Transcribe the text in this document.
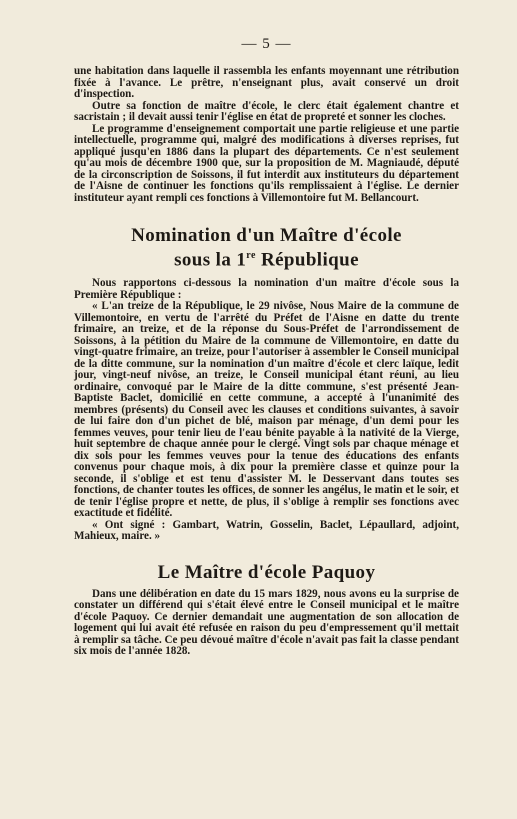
— 5 —

une habitation dans laquelle il rassembla les enfants moyennant une rétribution fixée à l'avance. Le prêtre, n'enseignant plus, avait conservé un droit d'inspection.

Outre sa fonction de maître d'école, le clerc était également chantre et sacristain ; il devait aussi tenir l'église en état de propreté et sonner les cloches.

Le programme d'enseignement comportait une partie religieuse et une partie intellectuelle, programme qui, malgré des modifications à diverses reprises, fut appliqué jusqu'en 1886 dans la plupart des départements. Ce n'est seulement qu'au mois de décembre 1900 que, sur la proposition de M. Magniaudé, député de la circonscription de Soissons, il fut interdit aux instituteurs du département de l'Aisne de continuer les fonctions qu'ils remplissaient à l'église. Le dernier instituteur ayant rempli ces fonctions à Villemontoire fut M. Bellancourt.

Nomination d'un Maître d'école
sous la 1re République

Nous rapportons ci-dessous la nomination d'un maître d'école sous la Première République :

« L'an treize de la République, le 29 nivôse, Nous Maire de la commune de Villemontoire, en vertu de l'arrêté du Préfet de l'Aisne en datte du trente frimaire, an treize, et de la réponse du Sous-Préfet de l'arrondissement de Soissons, à la pétition du Maire de la commune de Villemontoire, en datte du vingt-quatre frimaire, an treize, pour l'autoriser à assembler le Conseil municipal de la ditte commune, sur la nomination d'un maître d'école et clerc laïque, ledit jour, vingt-neuf nivôse, an treize, le Conseil municipal étant réuni, au lieu ordinaire, convoqué par le Maire de la ditte commune, s'est présenté Jean-Baptiste Baclet, domicilié en cette commune, a accepté à l'unanimité des membres (présents) du Conseil avec les clauses et conditions suivantes, à savoir de lui faire don d'un pichet de blé, maison par ménage, d'un demi pour les femmes veuves, pour tenir lieu de l'eau bénite payable à la nativité de la Vierge, huit septembre de chaque année pour le clergé. Vingt sols par chaque ménage et dix sols pour les femmes veuves pour la tenue des éducations des enfants convenus pour chaque mois, à dix pour la première classe et quinze pour la seconde, il s'oblige et est tenu d'assister M. le Desservant dans toutes ses fonctions, de chanter toutes les offices, de sonner les angélus, le matin et le soir, et de tenir l'église propre et nette, de plus, il s'oblige à remplir ses fonctions avec exactitude et fidélité.

« Ont signé : Gambart, Watrin, Gosselin, Baclet, Lépaullard, adjoint, Mahieux, maire. »

Le Maître d'école Paquoy

Dans une délibération en date du 15 mars 1829, nous avons eu la surprise de constater un différend qui s'était élevé entre le Conseil municipal et le maître d'école Paquoy. Ce dernier demandait une augmentation de son allocation de logement qui lui avait été refusée en raison du peu d'empressement qu'il mettait à remplir sa tâche. Ce peu dévoué maître d'école n'avait pas fait la classe pendant six mois de l'année 1828.
